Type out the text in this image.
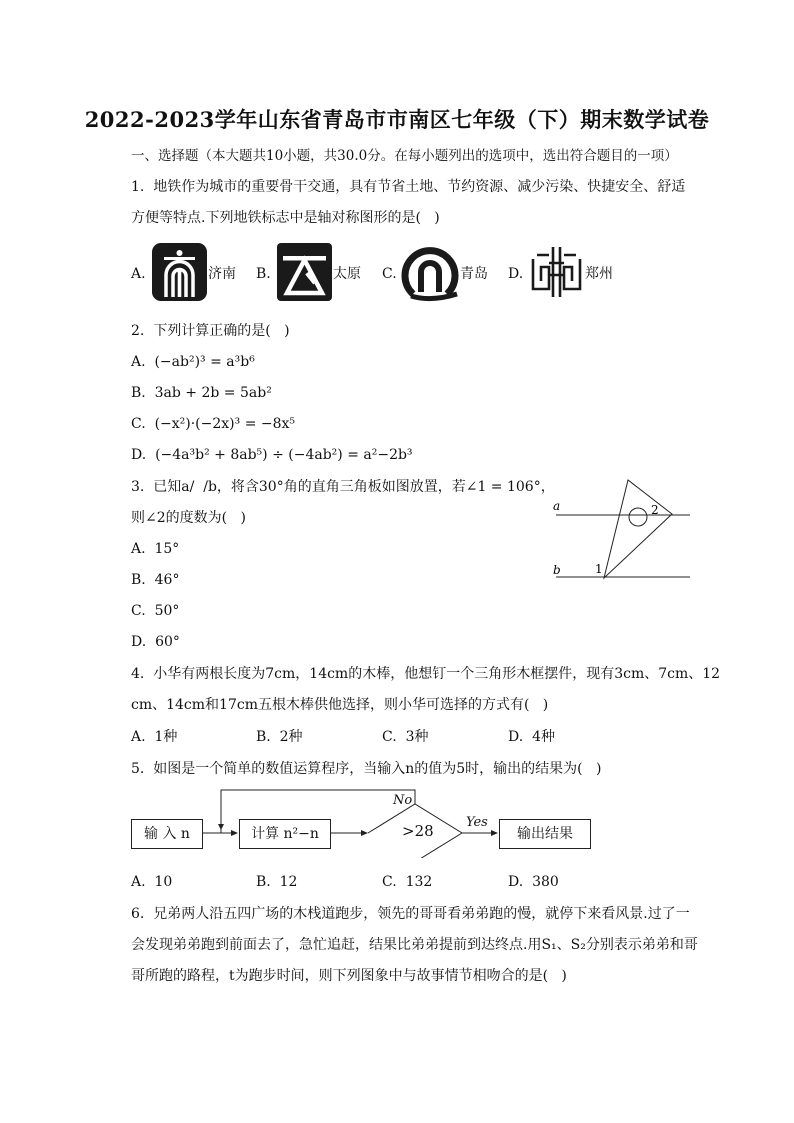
2022-2023学年山东省青岛市市南区七年级（下）期末数学试卷
一、选择题（本大题共10小题，共30.0分。在每小题列出的选项中，选出符合题目的一项）
1.  地铁作为城市的重要骨干交通，具有节省土地、节约资源、减少污染、快捷安全、舒适
方便等特点.下列地铁标志中是轴对称图形的是(   )
A.	济南 B.	太原 C.	青岛 D.	郑州
2.  下列计算正确的是(   )
A.  (−ab²)³ = a³b⁶
B.  3ab + 2b = 5ab²
C.  (−x²)·(−2x)³ = −8x⁵
D.  (−4a³b² + 8ab⁵) ÷ (−4ab²) = a²−2b³
3.  已知a/  /b，将含30°角的直角三角板如图放置，若∠1 = 106°，
则∠2的度数为(   )
A.  15°
B.  46°
C.  50°
D.  60°
a
b	1
2
4.  小华有两根长度为7cm，14cm的木棒，他想钉一个三角形木框摆件，现有3cm、7cm、12
cm、14cm和17cm五根木棒供他选择，则小华可选择的方式有(   )
A.  1种	B.  2种	C.  3种	D.  4种
5.  如图是一个简单的数值运算程序，当输入n的值为5时，输出的结果为(   )
输 入 n	计算 n²−n	>28
No
Yes
输出结果
A.  10	B.  12	C.  132	D.  380
6.  兄弟两人沿五四广场的木栈道跑步，领先的哥哥看弟弟跑的慢，就停下来看风景.过了一
会发现弟弟跑到前面去了，急忙追赶，结果比弟弟提前到达终点.用S₁、S₂分别表示弟弟和哥
哥所跑的路程，t为跑步时间，则下列图象中与故事情节相吻合的是(   )
